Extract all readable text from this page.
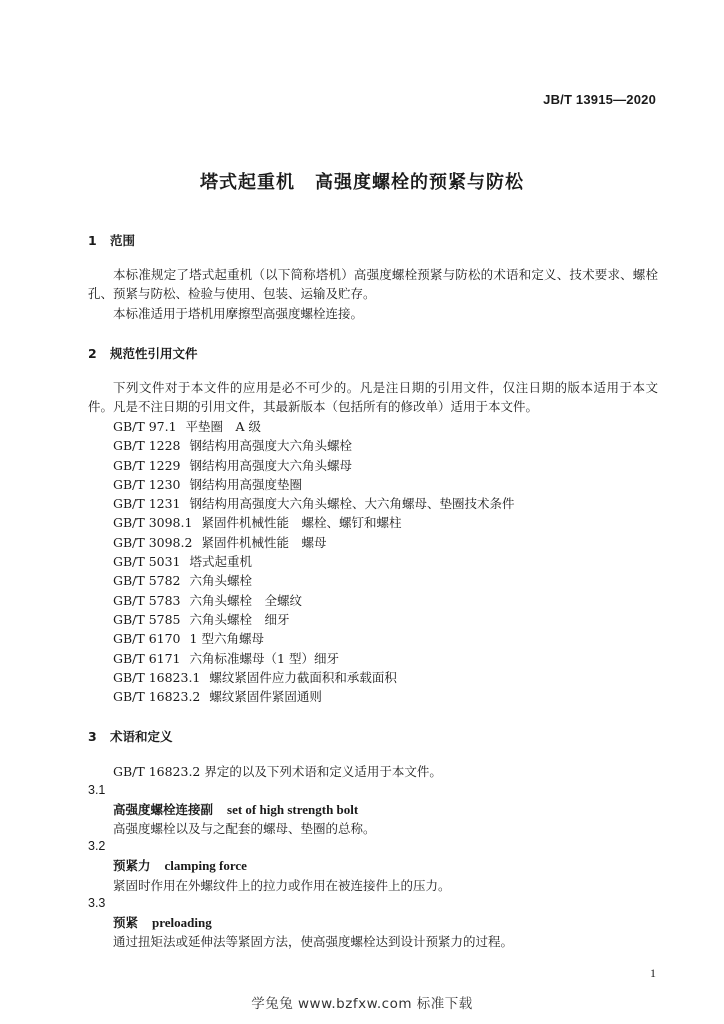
JB/T 13915—2020
塔式起重机 高强度螺栓的预紧与防松
1 范围
本标准规定了塔式起重机（以下简称塔机）高强度螺栓预紧与防松的术语和定义、技术要求、螺栓孔、预紧与防松、检验与使用、包装、运输及贮存。
本标准适用于塔机用摩擦型高强度螺栓连接。
2 规范性引用文件
下列文件对于本文件的应用是必不可少的。凡是注日期的引用文件，仅注日期的版本适用于本文件。凡是不注日期的引用文件，其最新版本（包括所有的修改单）适用于本文件。
GB/T 97.1 平垫圈　A 级
GB/T 1228 钢结构用高强度大六角头螺栓
GB/T 1229 钢结构用高强度大六角头螺母
GB/T 1230 钢结构用高强度垫圈
GB/T 1231 钢结构用高强度大六角头螺栓、大六角螺母、垫圈技术条件
GB/T 3098.1 紧固件机械性能　螺栓、螺钉和螺柱
GB/T 3098.2 紧固件机械性能　螺母
GB/T 5031 塔式起重机
GB/T 5782 六角头螺栓
GB/T 5783 六角头螺栓　全螺纹
GB/T 5785 六角头螺栓　细牙
GB/T 6170 1 型六角螺母
GB/T 6171 六角标准螺母（1 型）细牙
GB/T 16823.1 螺纹紧固件应力截面积和承载面积
GB/T 16823.2 螺纹紧固件紧固通则
3 术语和定义
GB/T 16823.2 界定的以及下列术语和定义适用于本文件。
3.1
高强度螺栓连接副 set of high strength bolt
高强度螺栓以及与之配套的螺母、垫圈的总称。
3.2
预紧力 clamping force
紧固时作用在外螺纹件上的拉力或作用在被连接件上的压力。
3.3
预紧 preloading
通过扭矩法或延伸法等紧固方法，使高强度螺栓达到设计预紧力的过程。
1
学兔兔 www.bzfxw.com 标准下载
